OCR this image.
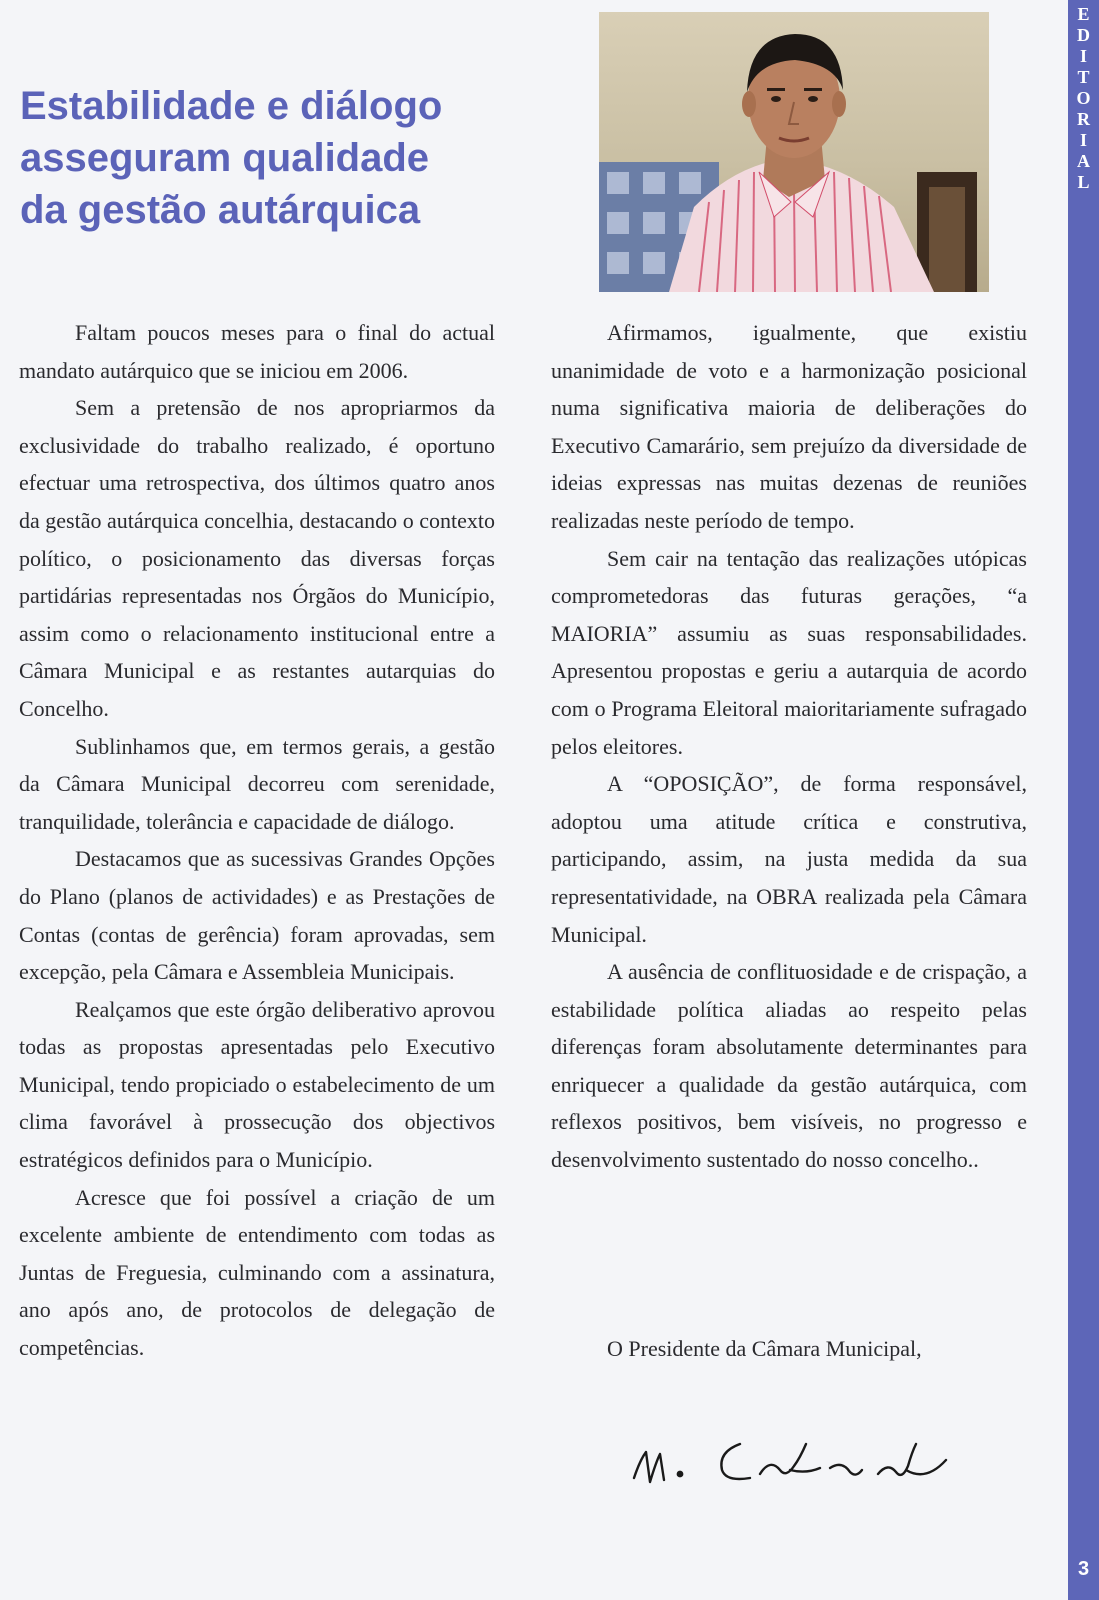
Estabilidade e diálogo
asseguram qualidade
da gestão autárquica

Faltam poucos meses para o final do actual mandato autárquico que se iniciou em 2006.

Sem a pretensão de nos apropriarmos da exclusividade do trabalho realizado, é oportuno efectuar uma retrospectiva, dos últimos quatro anos da gestão autárquica concelhia, destacando o contexto político, o posicionamento das diversas forças partidárias representadas nos Órgãos do Município, assim como o relacionamento institucional entre a Câmara Municipal e as restantes autarquias do Concelho.

Sublinhamos que, em termos gerais, a gestão da Câmara Municipal decorreu com serenidade, tranquilidade, tolerância e capacidade de diálogo.

Destacamos que as sucessivas Grandes Opções do Plano (planos de actividades) e as Prestações de Contas (contas de gerência) foram aprovadas, sem excepção, pela Câmara e Assembleia Municipais.

Realçamos que este órgão deliberativo aprovou todas as propostas apresentadas pelo Executivo Municipal, tendo propiciado o estabelecimento de um clima favorável à prossecução dos objectivos estratégicos definidos para o Município.

Acresce que foi possível a criação de um excelente ambiente de entendimento com todas as Juntas de Freguesia, culminando com a assinatura, ano após ano, de protocolos de delegação de competências.

Afirmamos, igualmente, que existiu unanimidade de voto e a harmonização posicional numa significativa maioria de deliberações do Executivo Camarário, sem prejuízo da diversidade de ideias expressas nas muitas dezenas de reuniões realizadas neste período de tempo.

Sem cair na tentação das realizações utópicas comprometedoras das futuras gerações, “a MAIORIA” assumiu as suas responsabilidades. Apresentou propostas e geriu a autarquia de acordo com o Programa Eleitoral maioritariamente sufragado pelos eleitores.

A “OPOSIÇÃO”, de forma responsável, adoptou uma atitude crítica e construtiva, participando, assim, na justa medida da sua representatividade, na OBRA realizada pela Câmara Municipal.

A ausência de conflituosidade e de crispação, a estabilidade política aliadas ao respeito pelas diferenças foram absolutamente determinantes para enriquecer a qualidade da gestão autárquica, com reflexos positivos, bem visíveis, no progresso e desenvolvimento sustentado do nosso concelho..

O Presidente da Câmara Municipal,

E
D
I
T
O
R
I
A
L
3
